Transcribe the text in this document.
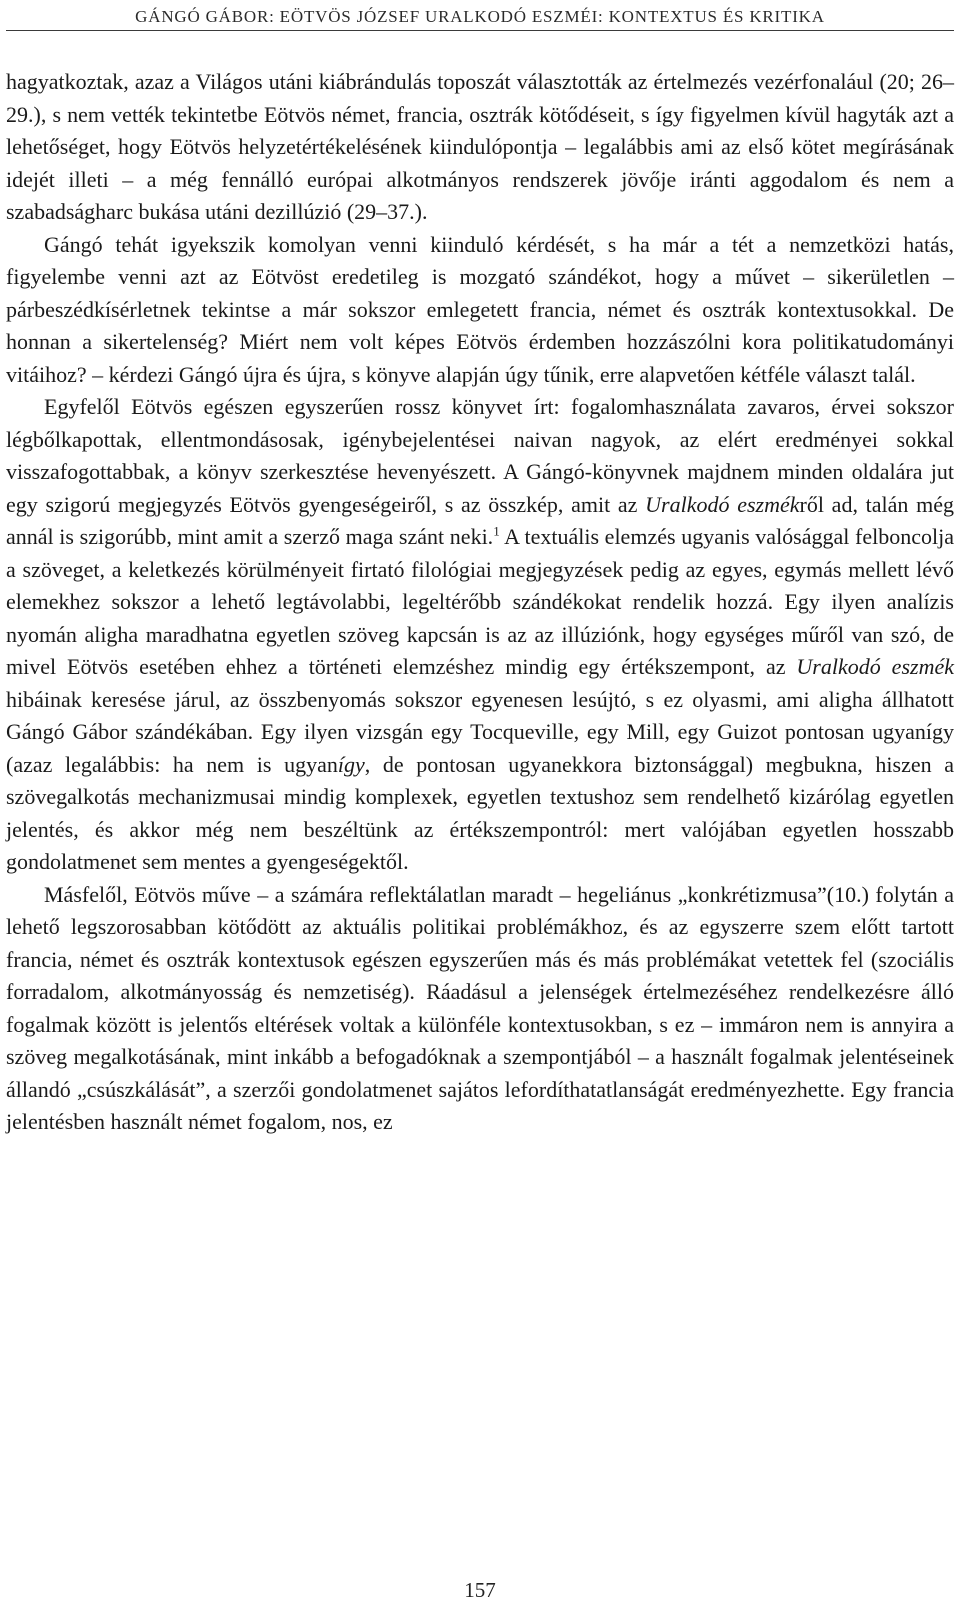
GÁNGÓ GÁBOR: EÖTVÖS JÓZSEF URALKODÓ ESZMÉI: KONTEXTUS ÉS KRITIKA

hagyatkoztak, azaz a Világos utáni kiábrándulás toposzát választották az értelmezés vezérfonalául (20; 26–29.), s nem vették tekintetbe Eötvös német, francia, osztrák kötődéseit, s így figyelmen kívül hagyták azt a lehetőséget, hogy Eötvös helyzetértékelésének kiindulópontja – legalábbis ami az első kötet megírásának idejét illeti – a még fennálló európai alkotmányos rendszerek jövője iránti aggodalom és nem a szabadságharc bukása utáni dezillúzió (29–37.).

Gángó tehát igyekszik komolyan venni kiinduló kérdését, s ha már a tét a nemzetközi hatás, figyelembe venni azt az Eötvöst eredetileg is mozgató szándékot, hogy a művet – sikerületlen – párbeszédkísérletnek tekintse a már sokszor emlegetett francia, német és osztrák kontextusokkal. De honnan a sikertelenség? Miért nem volt képes Eötvös érdemben hozzászólni kora politikatudományi vitáihoz? – kérdezi Gángó újra és újra, s könyve alapján úgy tűnik, erre alapvetően kétféle választ talál.

Egyfelől Eötvös egészen egyszerűen rossz könyvet írt: fogalomhasználata zavaros, érvei sokszor légbőlkapottak, ellentmondásosak, igénybejelentései naivan nagyok, az elért eredményei sokkal visszafogottabbak, a könyv szerkesztése hevenyészett. A Gángó-könyvnek majdnem minden oldalára jut egy szigorú megjegyzés Eötvös gyengeségeiről, s az összkép, amit az Uralkodó eszmékről ad, talán még annál is szigorúbb, mint amit a szerző maga szánt neki.$^1$ A textuális elemzés ugyanis valósággal felboncolja a szöveget, a keletkezés körülményeit firtató filológiai megjegyzések pedig az egyes, egymás mellett lévő elemekhez sokszor a lehető legtávolabbi, legeltérőbb szándékokat rendelik hozzá. Egy ilyen analízis nyomán aligha maradhatna egyetlen szöveg kapcsán is az az illúziónk, hogy egységes műről van szó, de mivel Eötvös esetében ehhez a történeti elemzéshez mindig egy értékszempont, az Uralkodó eszmék hibáinak keresése járul, az összbenyomás sokszor egyenesen lesújtó, s ez olyasmi, ami aligha állhatott Gángó Gábor szándékában. Egy ilyen vizsgán egy Tocqueville, egy Mill, egy Guizot pontosan ugyanígy (azaz legalábbis: ha nem is ugyanígy, de pontosan ugyanekkora biztonsággal) megbukna, hiszen a szövegalkotás mechanizmusai mindig komplexek, egyetlen textushoz sem rendelhető kizárólag egyetlen jelentés, és akkor még nem beszéltünk az értékszempontról: mert valójában egyetlen hosszabb gondolatmenet sem mentes a gyengeségektől.

Másfelől, Eötvös műve – a számára reflektálatlan maradt – hegeliánus „konkrétizmusa”(10.) folytán a lehető legszorosabban kötődött az aktuális politikai problémákhoz, és az egyszerre szem előtt tartott francia, német és osztrák kontextusok egészen egyszerűen más és más problémákat vetettek fel (szociális forradalom, alkotmányosság és nemzetiség). Ráadásul a jelenségek értelmezéséhez rendelkezésre álló fogalmak között is jelentős eltérések voltak a különféle kontextusokban, s ez – immáron nem is annyira a szöveg megalkotásának, mint inkább a befogadóknak a szempontjából – a használt fogalmak jelentéseinek állandó „csúszkálását”, a szerzői gondolatmenet sajátos lefordíthatatlanságát eredményezhette. Egy francia jelentésben használt német fogalom, nos, ez

157
